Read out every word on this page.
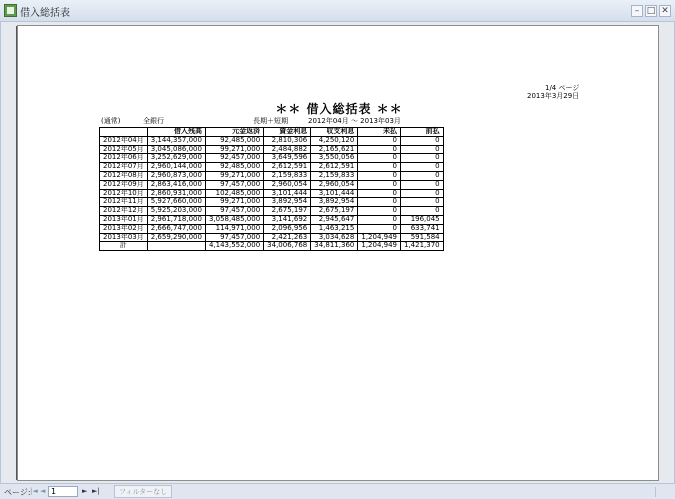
借入総括表	– □ ✕
1/4 ページ
2013年3月29日
＊＊ 借入総括表 ＊＊
(通常)	全銀行	長期＋短期	2012年04月 ～ 2013年03月
	借入残高	元金返済	資金利息	収支利息	未払	前払
2012年04月	3,144,357,000	92,485,000	2,810,306	4,250,120	0	0
2012年05月	3,045,086,000	99,271,000	2,484,882	2,165,621	0	0
2012年06月	3,252,629,000	92,457,000	3,649,596	3,550,056	0	0
2012年07月	2,960,144,000	92,485,000	2,612,591	2,612,591	0	0
2012年08月	2,960,873,000	99,271,000	2,159,833	2,159,833	0	0
2012年09月	2,863,416,000	97,457,000	2,960,054	2,960,054	0	0
2012年10月	2,860,931,000	102,485,000	3,101,444	3,101,444	0	0
2012年11月	5,927,660,000	99,271,000	3,892,954	3,892,954	0	0
2012年12月	5,925,203,000	97,457,000	2,675,197	2,675,197	0	0
2013年01月	2,961,718,000	3,058,485,000	3,141,692	2,945,647	0	196,045
2013年02月	2,666,747,000	114,971,000	2,096,956	1,463,215	0	633,741
2013年03月	2,659,290,000	97,457,000	2,421,263	3,034,628	1,204,949	591,584
計		4,143,552,000	34,006,768	34,811,360	1,204,949	1,421,370
ページ: |◄ ◄
1	► ►|	フィルターなし
